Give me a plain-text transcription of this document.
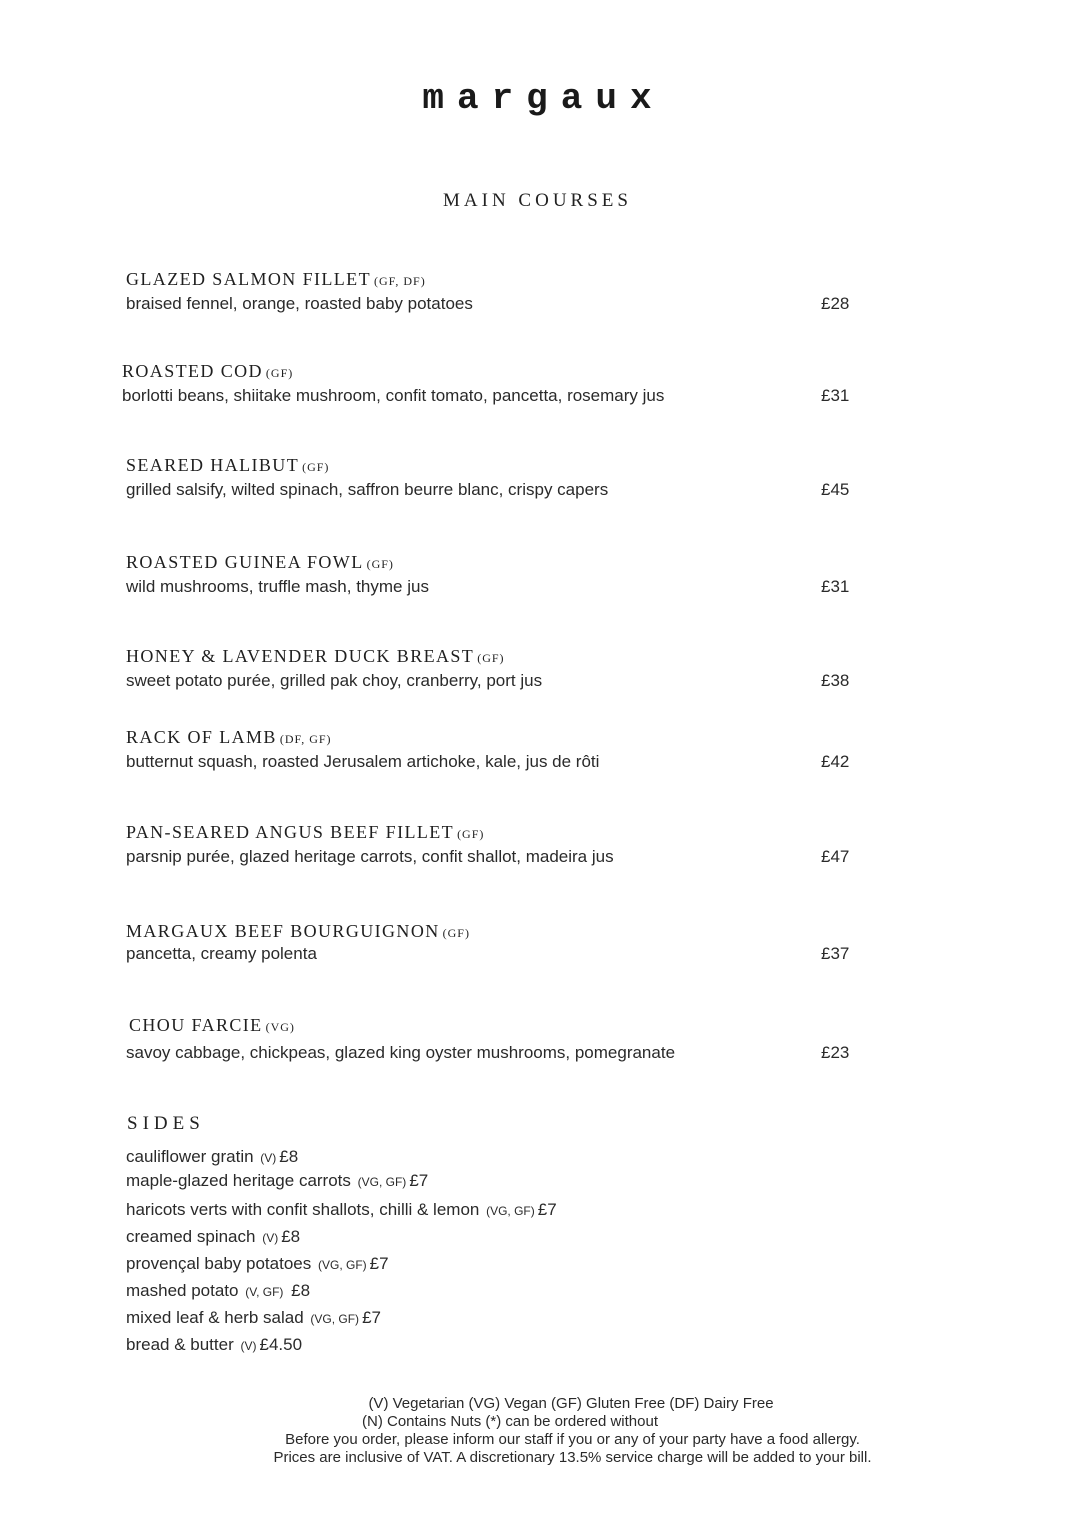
margaux
MAIN COURSES
GLAZED SALMON FILLET (GF, DF)
braised fennel, orange, roasted baby potatoes	£28
ROASTED COD (GF)
borlotti beans, shiitake mushroom, confit tomato, pancetta, rosemary jus	£31
SEARED HALIBUT (GF)
grilled salsify, wilted spinach, saffron beurre blanc, crispy capers	£45
ROASTED GUINEA FOWL (GF)
wild mushrooms, truffle mash, thyme jus	£31
HONEY & LAVENDER DUCK BREAST (GF)
sweet potato purée, grilled pak choy, cranberry, port jus	£38
RACK OF LAMB (DF, GF)
butternut squash, roasted Jerusalem artichoke, kale, jus de rôti	£42
PAN-SEARED ANGUS BEEF FILLET (GF)
parsnip purée, glazed heritage carrots, confit shallot, madeira jus	£47
MARGAUX BEEF BOURGUIGNON (GF)
pancetta, creamy polenta	£37
CHOU FARCIE (VG)
savoy cabbage, chickpeas, glazed king oyster mushrooms, pomegranate	£23
SIDES
cauliflower gratin (V) £8
maple-glazed heritage carrots (VG, GF) £7
haricots verts with confit shallots, chilli & lemon (VG, GF) £7
creamed spinach (V) £8
provençal baby potatoes (VG, GF) £7
mashed potato (V, GF) £8
mixed leaf & herb salad (VG, GF) £7
bread & butter (V) £4.50
(V) Vegetarian (VG) Vegan (GF) Gluten Free (DF) Dairy Free
(N) Contains Nuts (*) can be ordered without
Before you order, please inform our staff if you or any of your party have a food allergy.
Prices are inclusive of VAT. A discretionary 13.5% service charge will be added to your bill.
